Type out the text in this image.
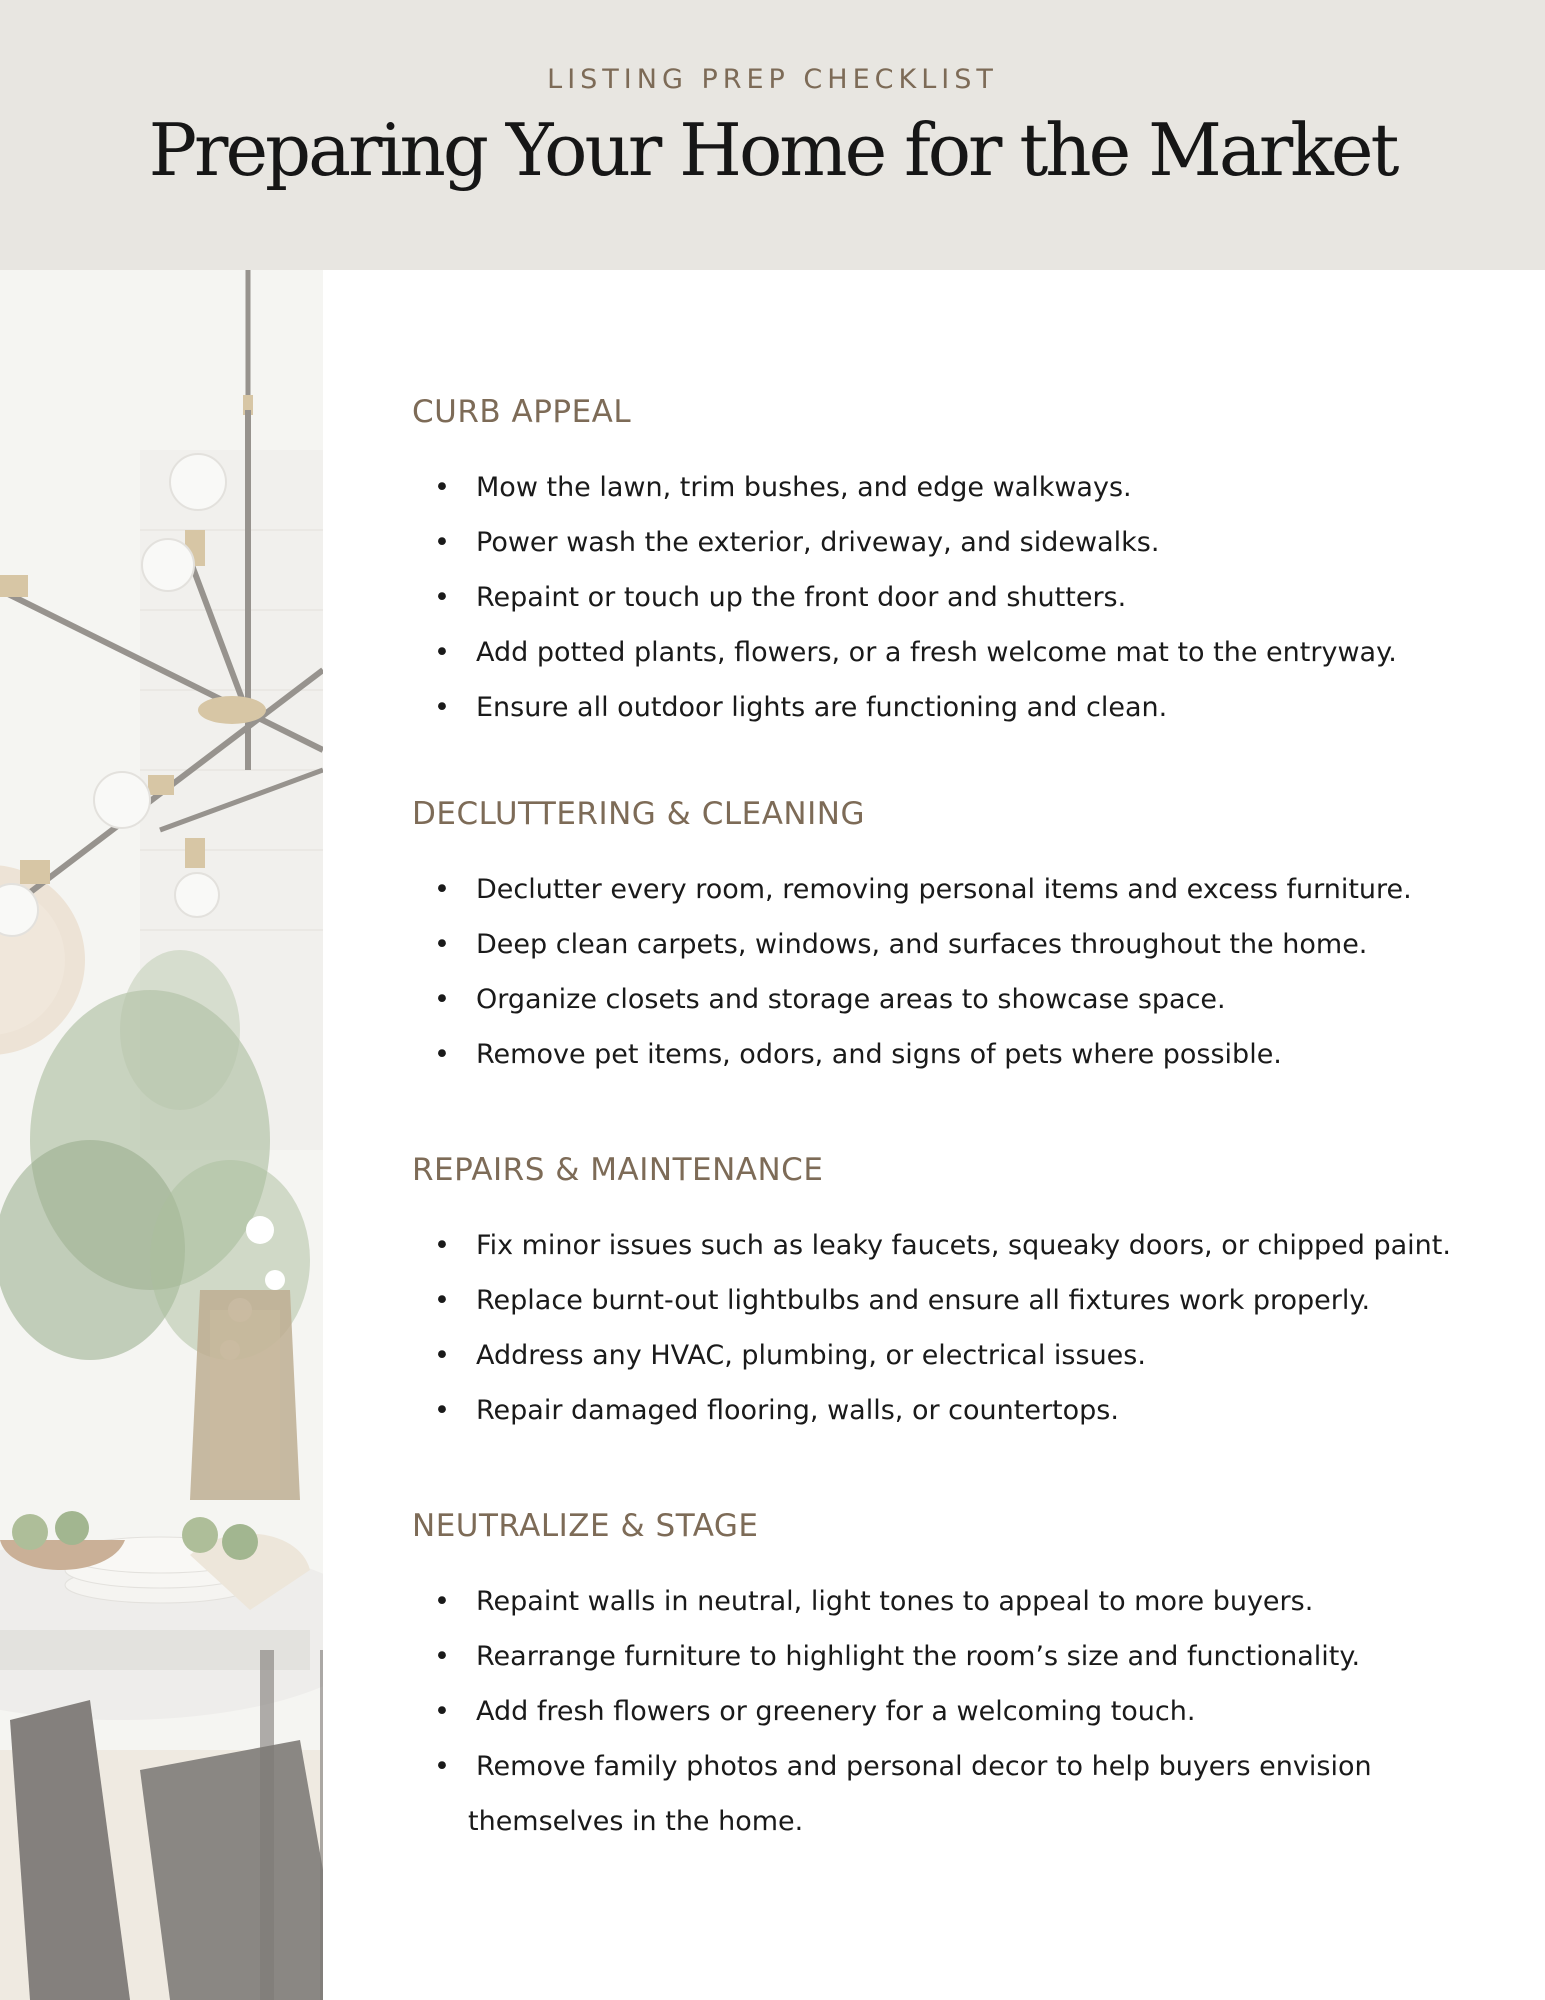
LISTING PREP CHECKLIST
Preparing Your Home for the Market
CURB APPEAL
• Mow the lawn, trim bushes, and edge walkways.
• Power wash the exterior, driveway, and sidewalks.
• Repaint or touch up the front door and shutters.
• Add potted plants, flowers, or a fresh welcome mat to the entryway.
• Ensure all outdoor lights are functioning and clean.
DECLUTTERING & CLEANING
• Declutter every room, removing personal items and excess furniture.
• Deep clean carpets, windows, and surfaces throughout the home.
• Organize closets and storage areas to showcase space.
• Remove pet items, odors, and signs of pets where possible.
REPAIRS & MAINTENANCE
• Fix minor issues such as leaky faucets, squeaky doors, or chipped paint.
• Replace burnt-out lightbulbs and ensure all fixtures work properly.
• Address any HVAC, plumbing, or electrical issues.
• Repair damaged flooring, walls, or countertops.
NEUTRALIZE & STAGE
• Repaint walls in neutral, light tones to appeal to more buyers.
• Rearrange furniture to highlight the room’s size and functionality.
• Add fresh flowers or greenery for a welcoming touch.
• Remove family photos and personal decor to help buyers envision
themselves in the home.
